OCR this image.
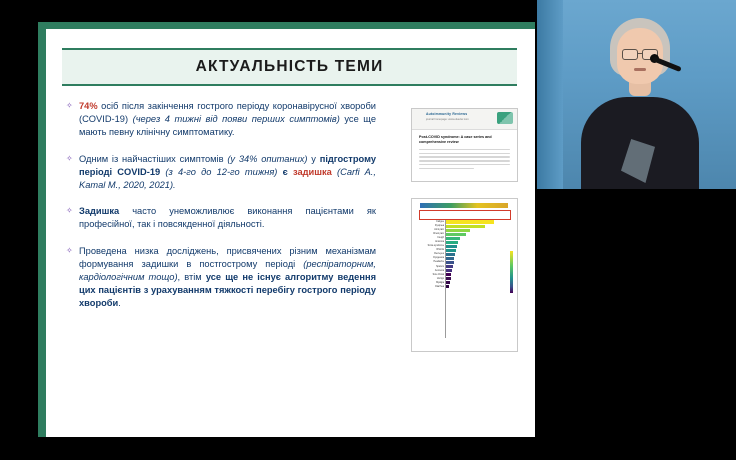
АКТУАЛЬНІСТЬ ТЕМИ
✧ 74% осіб після закінчення гострого періоду коронавірусної хвороби (COVID-19) (через 4 тижні від появи перших симптомів) усе ще мають певну клінічну симптоматику.
✧ Одним із найчастіших симптомів (у 34% опитаних) у підгострому періоді COVID-19 (з 4-го до 12-го тижня) є задишка (Carfi A., Kamal M., 2020, 2021).
✧ Задишка часто унеможливлює виконання пацієнтами як професійної, так і повсякденної діяльності.
✧ Проведена низка досліджень, присвячених різним механізмам формування задишки в постгострому періоді (респіраторним, кардіологічним тощо), втім усе ще не існує алгоритму ведення цих пацієнтів з урахуванням тяжкості перебігу гострого періоду хвороби.
Autoimmunity Reviews
journal homepage: www.elsevier.com
Post-COVID syndrome: A case series and comprehensive review
Fatigue
Dyspnea
Joint pain
Chest pain
Cough
Anosmia
Sicca syndrome
Rhinitis
Red eyes
Dysgeusia
Headache
Sputum
Anorexia
Sore throat
Vertigo
Myalgia
Diarrhea
